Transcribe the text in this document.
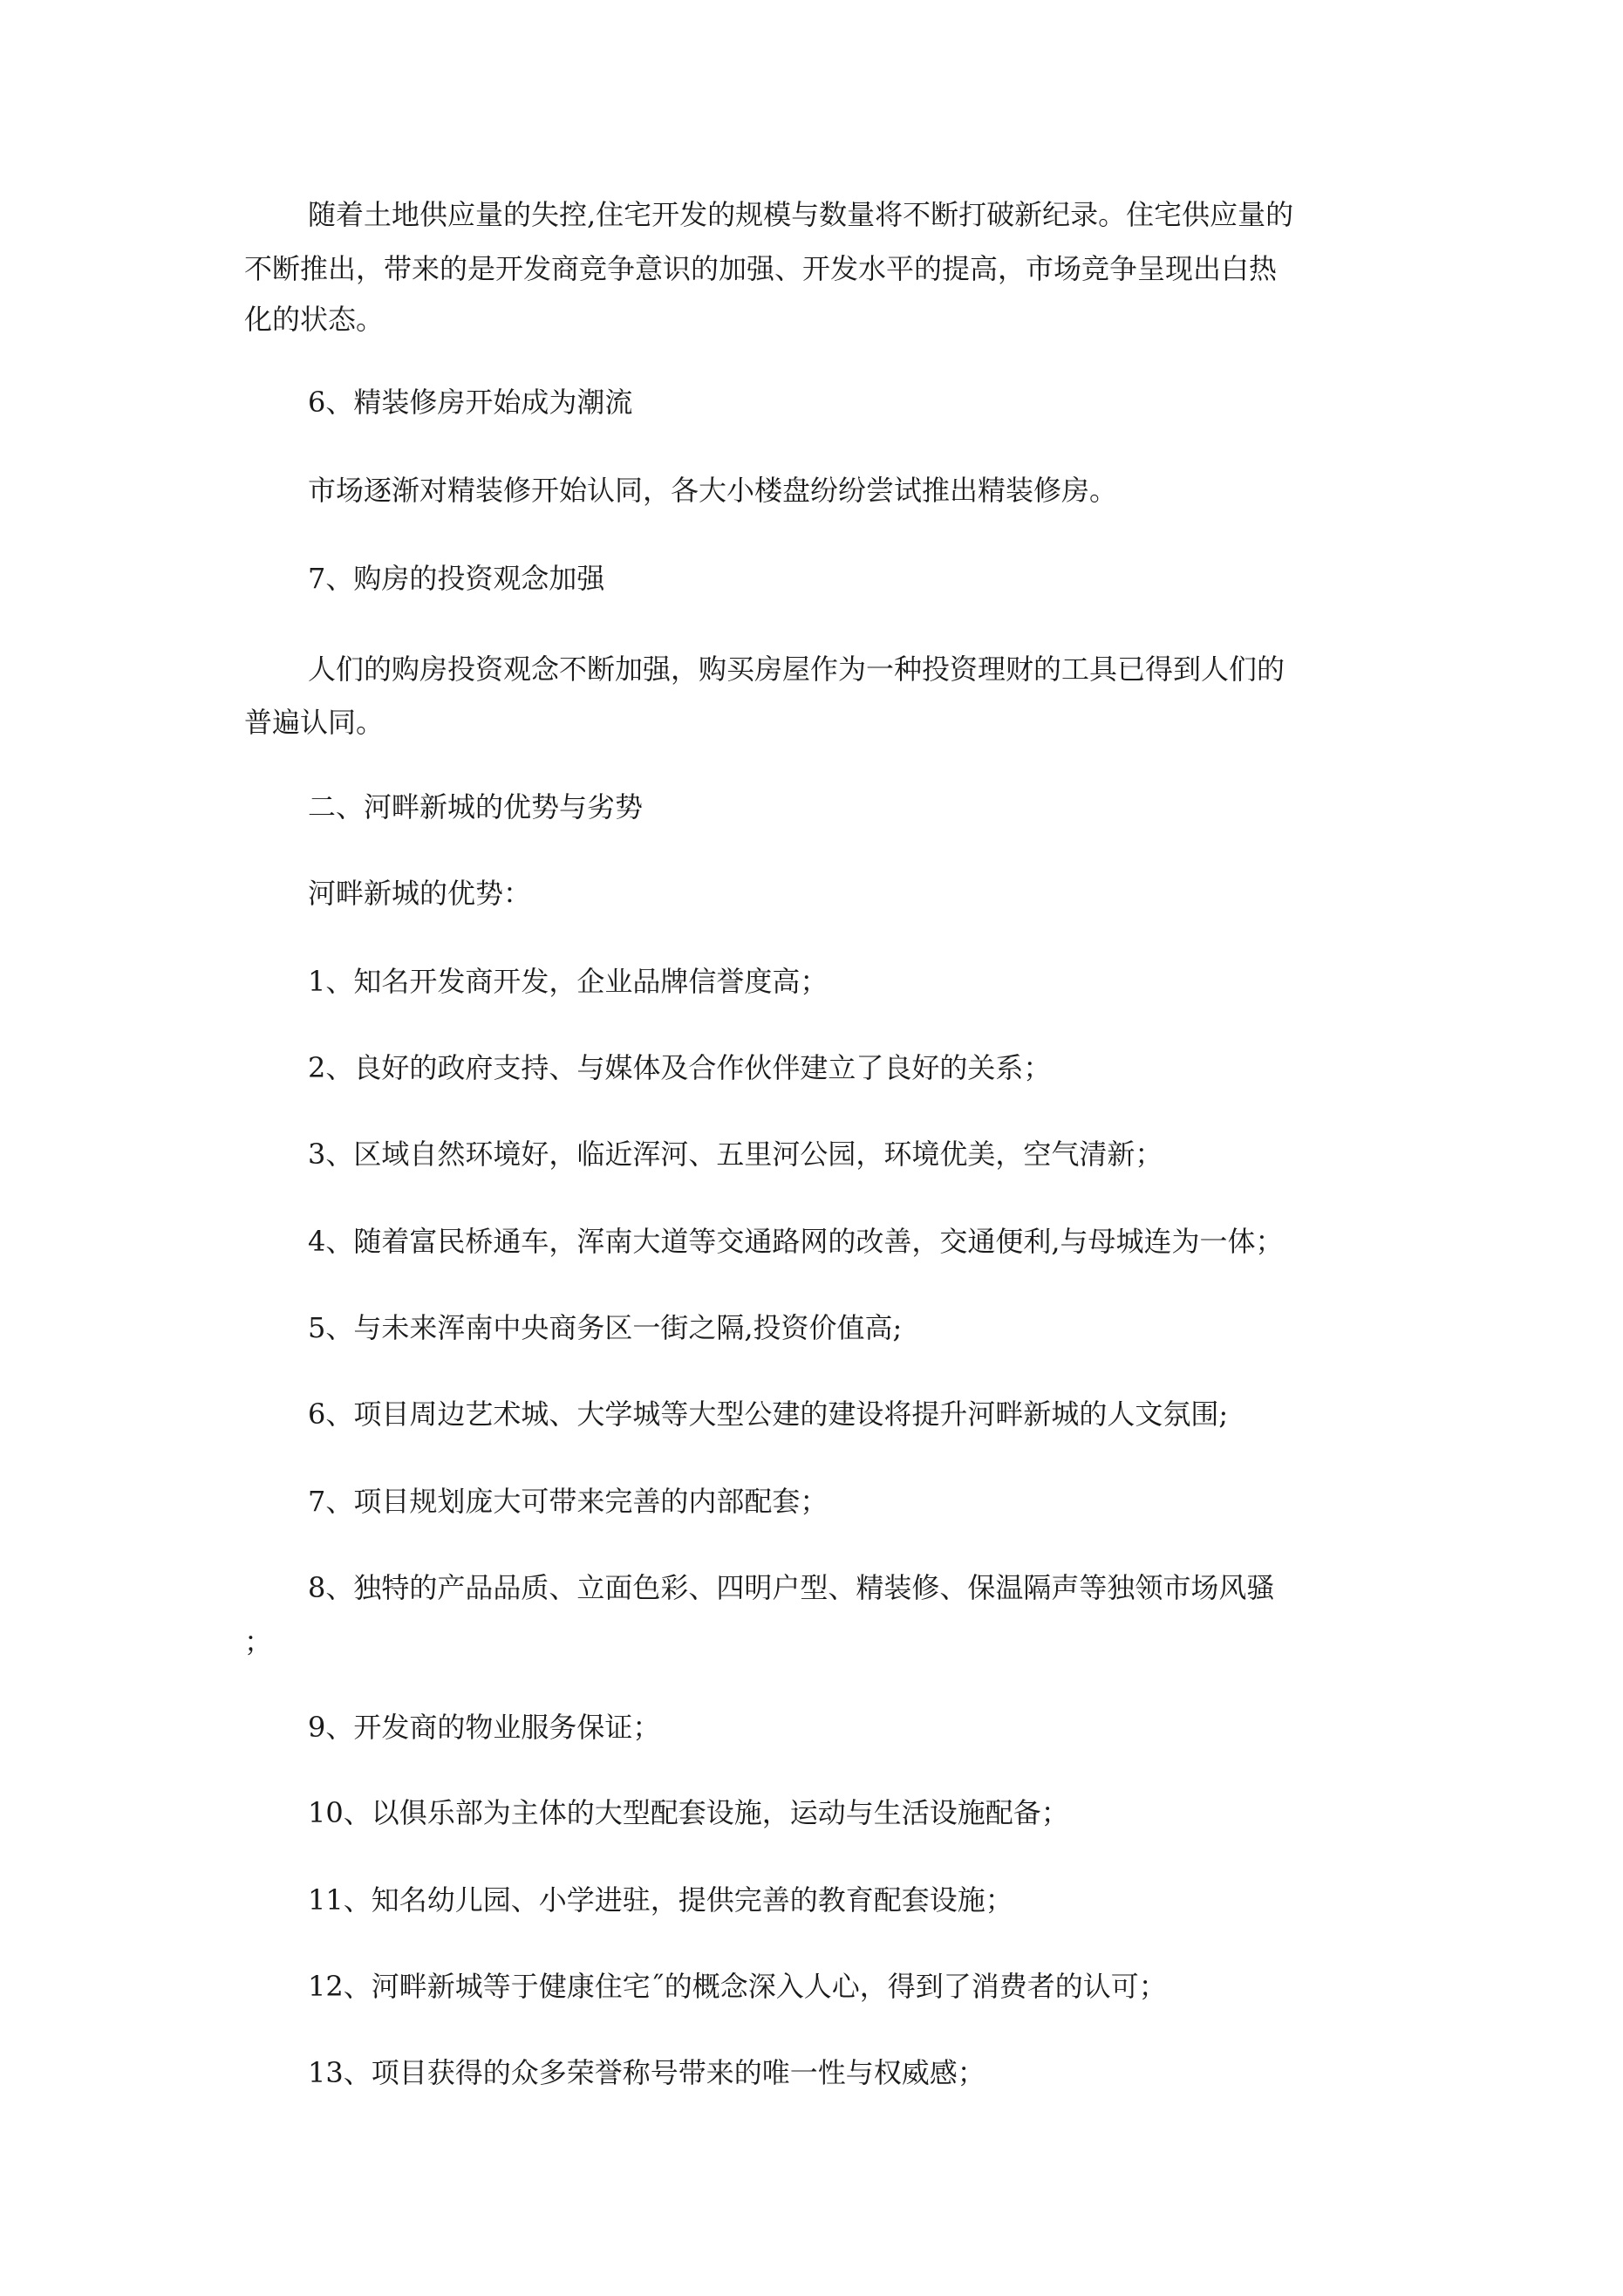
随着土地供应量的失控,住宅开发的规模与数量将不断打破新纪录。住宅供应量的

不断推出，带来的是开发商竞争意识的加强、开发水平的提高，市场竞争呈现出白热

化的状态。

6、精装修房开始成为潮流

市场逐渐对精装修开始认同，各大小楼盘纷纷尝试推出精装修房。

7、购房的投资观念加强

人们的购房投资观念不断加强，购买房屋作为一种投资理财的工具已得到人们的

普遍认同。

二、河畔新城的优势与劣势

河畔新城的优势：

1、知名开发商开发，企业品牌信誉度高；

2、良好的政府支持、与媒体及合作伙伴建立了良好的关系；

3、区域自然环境好，临近浑河、五里河公园，环境优美，空气清新；

4、随着富民桥通车，浑南大道等交通路网的改善，交通便利,与母城连为一体；

5、与未来浑南中央商务区一街之隔,投资价值高;

6、项目周边艺术城、大学城等大型公建的建设将提升河畔新城的人文氛围;

7、项目规划庞大可带来完善的内部配套；

8、独特的产品品质、立面色彩、四明户型、精装修、保温隔声等独领市场风骚

；

9、开发商的物业服务保证；

10、以俱乐部为主体的大型配套设施，运动与生活设施配备；

11、知名幼儿园、小学进驻，提供完善的教育配套设施；

12、河畔新城等于健康住宅˝的概念深入人心，得到了消费者的认可；

13、项目获得的众多荣誉称号带来的唯一性与权威感；
